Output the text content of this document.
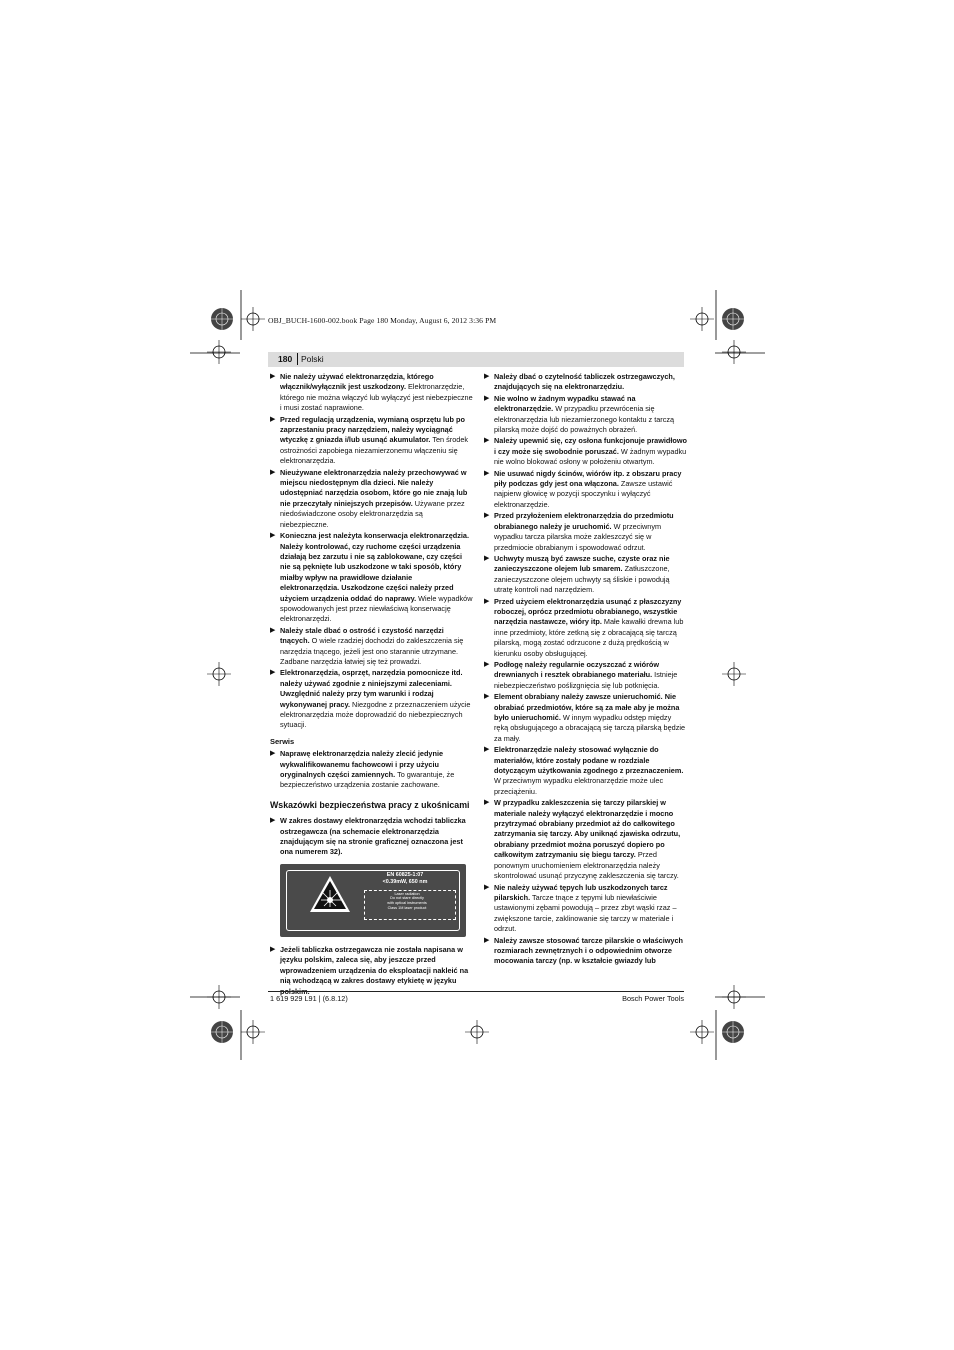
OBJ_BUCH-1600-002.book Page 180 Monday, August 6, 2012 3:36 PM
180 Polski
▶ Nie należy używać elektronarzędzia, którego włącznik/wyłącznik jest uszkodzony. Elektronarzędzie, którego nie można włączyć lub wyłączyć jest niebezpieczne i musi zostać naprawione.
▶ Przed regulacją urządzenia, wymianą osprzętu lub po zaprzestaniu pracy narzędziem, należy wyciągnąć wtyczkę z gniazda i/lub usunąć akumulator. Ten środek ostrożności zapobiega niezamierzonemu włączeniu się elektronarzędzia.
▶ Nieużywane elektronarzędzia należy przechowywać w miejscu niedostępnym dla dzieci. Nie należy udostępniać narzędzia osobom, które go nie znają lub nie przeczytały niniejszych przepisów. Używane przez niedoświadczone osoby elektronarzędzia są niebezpieczne.
▶ Konieczna jest należyta konserwacja elektronarzędzia. Należy kontrolować, czy ruchome części urządzenia działają bez zarzutu i nie są zablokowane, czy części nie są pęknięte lub uszkodzone w taki sposób, który miałby wpływ na prawidłowe działanie elektronarzędzia. Uszkodzone części należy przed użyciem urządzenia oddać do naprawy. Wiele wypadków spowodowanych jest przez niewłaściwą konserwację elektronarzędzi.
▶ Należy stale dbać o ostrość i czystość narzędzi tnących. O wiele rzadziej dochodzi do zakleszczenia się narzędzia tnącego, jeżeli jest ono starannie utrzymane. Zadbane narzędzia łatwiej się też prowadzi.
▶ Elektronarzędzia, osprzęt, narzędzia pomocnicze itd. należy używać zgodnie z niniejszymi zaleceniami. Uwzględnić należy przy tym warunki i rodzaj wykonywanej pracy. Niezgodne z przeznaczeniem użycie elektronarzędzia może doprowadzić do niebezpiecznych sytuacji.
Serwis
▶ Naprawę elektronarzędzia należy zlecić jedynie wykwalifikowanemu fachowcowi i przy użyciu oryginalnych części zamiennych. To gwarantuje, że bezpieczeństwo urządzenia zostanie zachowane.
Wskazówki bezpieczeństwa pracy z ukośnicami
▶ W zakres dostawy elektronarzędzia wchodzi tabliczka ostrzegawcza (na schemacie elektronarzędzia znajdującym się na stronie graficznej oznaczona jest ona numerem 32).
EN 60825-1:07
<0.39mW, 650 nm
Laser radiation
Do not stare directly
with optical instruments
Class 1M laser product
▶ Jeżeli tabliczka ostrzegawcza nie została napisana w języku polskim, zaleca się, aby jeszcze przed wprowadzeniem urządzenia do eksploatacji nakleić na nią wchodzącą w zakres dostawy etykietę w języku polskim.
▶ Należy dbać o czytelność tabliczek ostrzegawczych, znajdujących się na elektronarzędziu.
▶ Nie wolno w żadnym wypadku stawać na elektronarzędzie. W przypadku przewrócenia się elektronarzędzia lub niezamierzonego kontaktu z tarczą pilarską może dojść do poważnych obrażeń.
▶ Należy upewnić się, czy osłona funkcjonuje prawidłowo i czy może się swobodnie poruszać. W żadnym wypadku nie wolno blokować osłony w położeniu otwartym.
▶ Nie usuwać nigdy ścinów, wiórów itp. z obszaru pracy piły podczas gdy jest ona włączona. Zawsze ustawić najpierw głowicę w pozycji spoczynku i wyłączyć elektronarzędzie.
▶ Przed przyłożeniem elektronarzędzia do przedmiotu obrabianego należy je uruchomić. W przeciwnym wypadku tarcza pilarska może zakleszczyć się w przedmiocie obrabianym i spowodować odrzut.
▶ Uchwyty muszą być zawsze suche, czyste oraz nie zanieczyszczone olejem lub smarem. Zatłuszczone, zanieczyszczone olejem uchwyty są śliskie i powodują utratę kontroli nad narzędziem.
▶ Przed użyciem elektronarzędzia usunąć z płaszczyzny roboczej, oprócz przedmiotu obrabianego, wszystkie narzędzia nastawcze, wióry itp. Małe kawałki drewna lub inne przedmioty, które zetkną się z obracającą się tarczą pilarską, mogą zostać odrzucone z dużą prędkością w kierunku osoby obsługującej.
▶ Podłogę należy regularnie oczyszczać z wiórów drewnianych i resztek obrabianego materiału. Istnieje niebezpieczeństwo poślizgnięcia się lub potknięcia.
▶ Element obrabiany należy zawsze unieruchomić. Nie obrabiać przedmiotów, które są za małe aby je można było unieruchomić. W innym wypadku odstęp między ręką obsługującego a obracającą się tarczą pilarską będzie za mały.
▶ Elektronarzędzie należy stosować wyłącznie do materiałów, które zostały podane w rozdziale dotyczącym użytkowania zgodnego z przeznaczeniem. W przeciwnym wypadku elektronarzędzie może ulec przeciążeniu.
▶ W przypadku zakleszczenia się tarczy pilarskiej w materiale należy wyłączyć elektronarzędzie i mocno przytrzymać obrabiany przedmiot aż do całkowitego zatrzymania się tarczy. Aby uniknąć zjawiska odrzutu, obrabiany przedmiot można poruszyć dopiero po całkowitym zatrzymaniu się biegu tarczy. Przed ponownym uruchomieniem elektronarzędzia należy skontrolować usunąć przyczynę zakleszczenia się tarczy.
▶ Nie należy używać tępych lub uszkodzonych tarcz pilarskich. Tarcze tnące z tępymi lub niewłaściwie ustawionymi zębami powodują – przez zbyt wąski rzaz – zwiększone tarcie, zaklinowanie się tarczy w materiale i odrzut.
▶ Należy zawsze stosować tarcze pilarskie o właściwych rozmiarach zewnętrznych i o odpowiednim otworze mocowania tarczy (np. w kształcie gwiazdy lub
1 619 929 L91 | (6.8.12)	Bosch Power Tools
